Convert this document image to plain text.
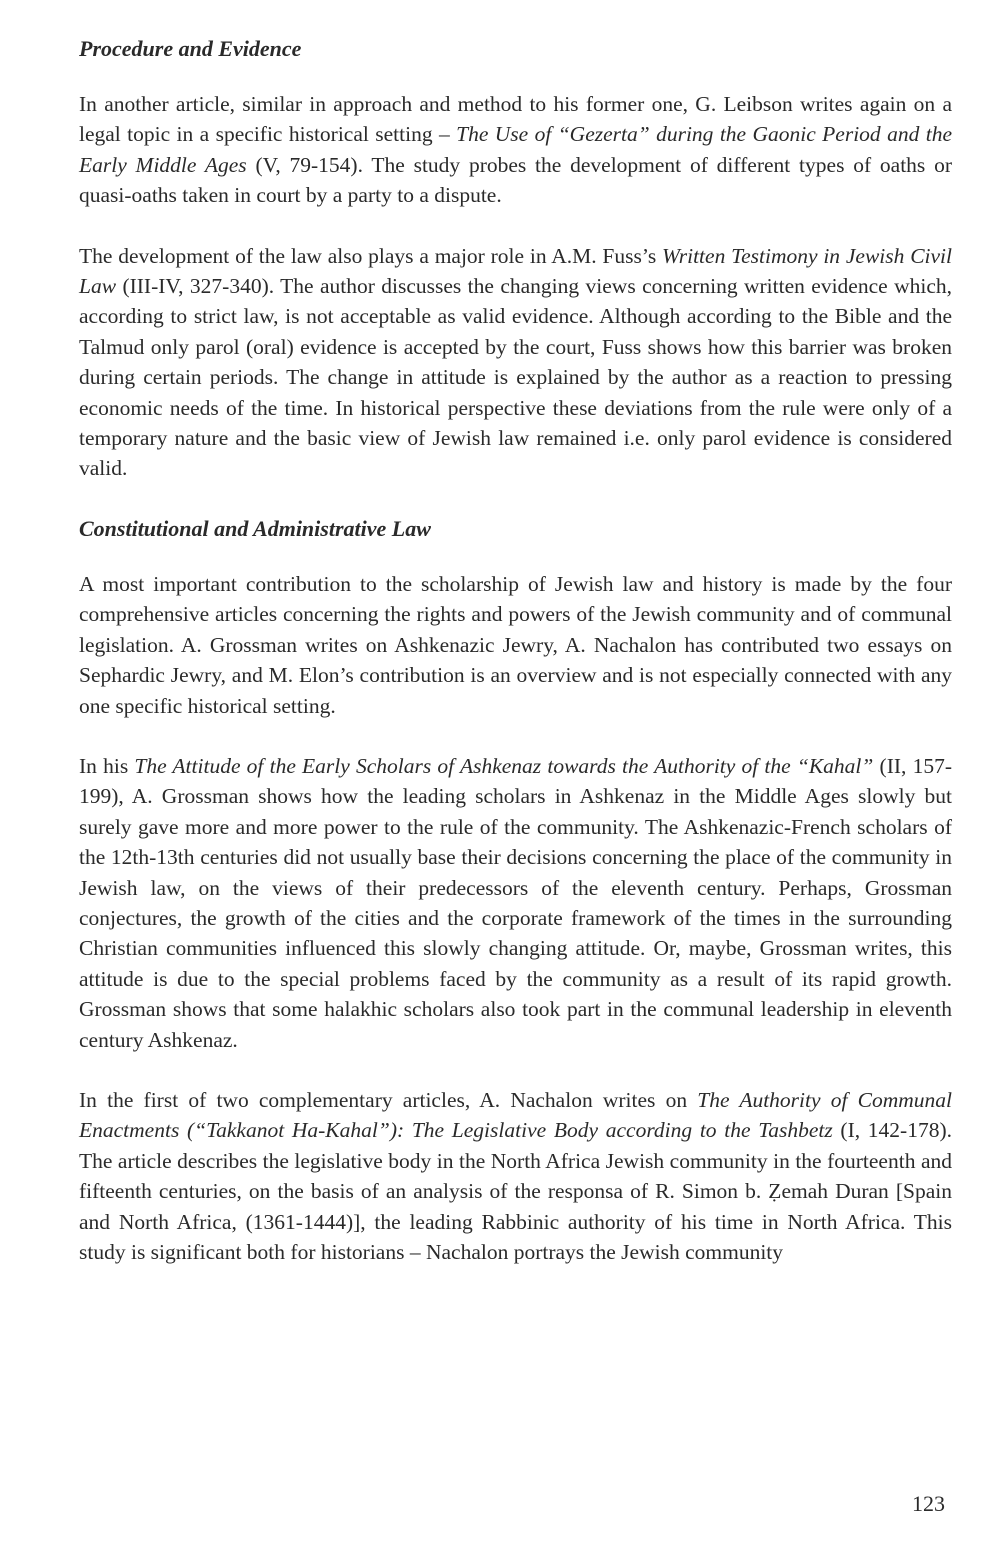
Procedure and Evidence

In another article, similar in approach and method to his former one, G. Leibson writes again on a legal topic in a specific historical setting – The Use of “Gezerta” during the Gaonic Period and the Early Middle Ages (V, 79-154). The study probes the development of different types of oaths or quasi-oaths taken in court by a party to a dispute.

The development of the law also plays a major role in A.M. Fuss’s Written Testimony in Jewish Civil Law (III-IV, 327-340). The author discusses the changing views concerning written evidence which, according to strict law, is not acceptable as valid evidence. Although according to the Bible and the Talmud only parol (oral) evidence is accepted by the court, Fuss shows how this barrier was broken during certain periods. The change in attitude is explained by the author as a reaction to pressing economic needs of the time. In historical perspective these deviations from the rule were only of a temporary nature and the basic view of Jewish law remained i.e. only parol evidence is considered valid.

Constitutional and Administrative Law

A most important contribution to the scholarship of Jewish law and history is made by the four comprehensive articles concerning the rights and powers of the Jewish community and of communal legislation. A. Grossman writes on Ashkenazic Jewry, A. Nachalon has contributed two essays on Sephardic Jewry, and M. Elon’s contribution is an overview and is not especially connected with any one specific historical setting.

In his The Attitude of the Early Scholars of Ashkenaz towards the Authority of the “Kahal” (II, 157-199), A. Grossman shows how the leading scholars in Ashkenaz in the Middle Ages slowly but surely gave more and more power to the rule of the community. The Ashkenazic-French scholars of the 12th-13th centuries did not usually base their decisions concerning the place of the community in Jewish law, on the views of their predecessors of the eleventh century. Perhaps, Grossman conjectures, the growth of the cities and the corporate framework of the times in the surrounding Christian communities influenced this slowly changing attitude. Or, maybe, Grossman writes, this attitude is due to the special problems faced by the community as a result of its rapid growth. Grossman shows that some halakhic scholars also took part in the communal leadership in eleventh century Ashkenaz.

In the first of two complementary articles, A. Nachalon writes on The Authority of Communal Enactments (“Takkanot Ha-Kahal”): The Legislative Body according to the Tashbetz (I, 142-178). The article describes the legislative body in the North Africa Jewish community in the fourteenth and fifteenth centuries, on the basis of an analysis of the responsa of R. Simon b. Ẓemah Duran [Spain and North Africa, (1361-1444)], the leading Rabbinic authority of his time in North Africa. This study is significant both for historians – Nachalon portrays the Jewish community

123
